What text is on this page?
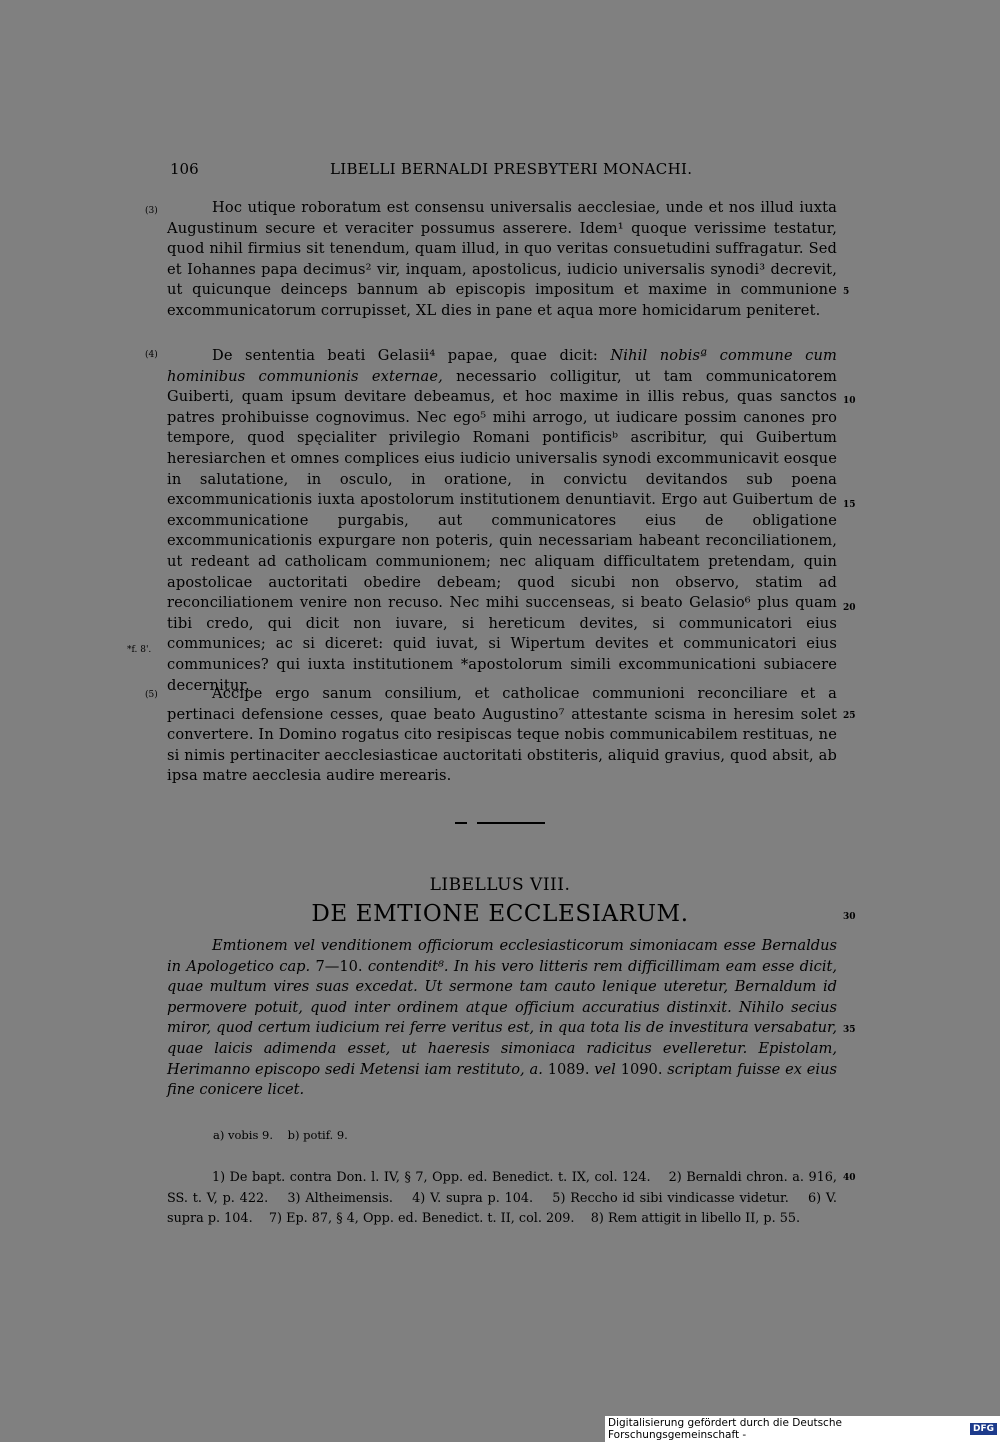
106	LIBELLI BERNALDI PRESBYTERI MONACHI.
(3)	Hoc utique roboratum est consensu universalis aecclesiae, unde et nos illud iuxta Augustinum secure et veraciter possumus asserere. Idem¹ quoque verissime testatur, quod nihil firmius sit tenendum, quam illud, in quo veritas consuetudini suffragatur. Sed et Iohannes papa decimus² vir, inquam, apostolicus, iudicio universalis synodi³ decrevit, ut quicunque deinceps bannum ab episcopis impositum et maxime in communione excommunicatorum corrupisset, XL dies in pane et aqua more homicidarum peniteret.
(4)	De sententia beati Gelasii⁴ papae, quae dicit: Nihil nobisª commune cum hominibus communionis externae, necessario colligitur, ut tam communicatorem Guiberti, quam ipsum devitare debeamus, et hoc maxime in illis rebus, quas sanctos patres prohibuisse cognovimus. Nec ego⁵ mihi arrogo, ut iudicare possim canones pro tempore, quod spęcialiter privilegio Romani pontificisᵇ ascribitur, qui Guibertum heresiarchen et omnes complices eius iudicio universalis synodi excommunicavit eosque in salutatione, in osculo, in oratione, in convictu devitandos sub poena excommunicationis iuxta apostolorum institutionem denuntiavit. Ergo aut Guibertum de excommunicatione purgabis, aut communicatores eius de obligatione excommunicationis expurgare non poteris, quin necessariam habeant reconciliationem, ut redeant ad catholicam communionem; nec aliquam difficultatem pretendam, quin apostolicae auctoritati obedire debeam; quod sicubi non observo, statim ad reconciliationem venire non recuso. Nec mihi succenseas, si beato Gelasio⁶ plus quam tibi credo, qui dicit non iuvare, si hereticum devites, si communicatori eius communices; ac si diceret: quid iuvat, si Wipertum devites et communicatori eius communices? qui iuxta institutionem *apostolorum simili excommunicationi subiacere decernitur.
(5)	Accipe ergo sanum consilium, et catholicae communioni reconciliare et a pertinaci defensione cesses, quae beato Augustino⁷ attestante scisma in heresim solet convertere. In Domino rogatus cito resipiscas teque nobis communicabilem restituas, ne si nimis pertinaciter aecclesiasticae auctoritati obstiteris, aliquid gravius, quod absit, ab ipsa matre aecclesia audire merearis.
5
10
15
20
25
30
35
40
*f. 8'.
LIBELLUS VIII.
DE EMTIONE ECCLESIARUM.
Emtionem vel venditionem officiorum ecclesiasticorum simoniacam esse Bernaldus in Apologetico cap. 7—10. contendit⁸. In his vero litteris rem difficillimam eam esse dicit, quae multum vires suas excedat. Ut sermone tam cauto lenique uteretur, Bernaldum id permovere potuit, quod inter ordinem atque officium accuratius distinxit. Nihilo secius miror, quod certum iudicium rei ferre veritus est, in qua tota lis de investitura versabatur, quae laicis adimenda esset, ut haeresis simoniaca radicitus evelleretur. Epistolam, Herimanno episcopo sedi Metensi iam restituto, a. 1089. vel 1090. scriptam fuisse ex eius fine conicere licet.
a) vobis 9.    b) potif. 9.
1) De bapt. contra Don. l. IV, § 7, Opp. ed. Benedict. t. IX, col. 124.    2) Bernaldi chron. a. 916, SS. t. V, p. 422.    3) Altheimensis.    4) V. supra p. 104.    5) Reccho id sibi vindicasse videtur.    6) V. supra p. 104.    7) Ep. 87, § 4, Opp. ed. Benedict. t. II, col. 209.    8) Rem attigit in libello II, p. 55.
Digitalisierung gefördert durch die Deutsche Forschungsgemeinschaft -	DFG
